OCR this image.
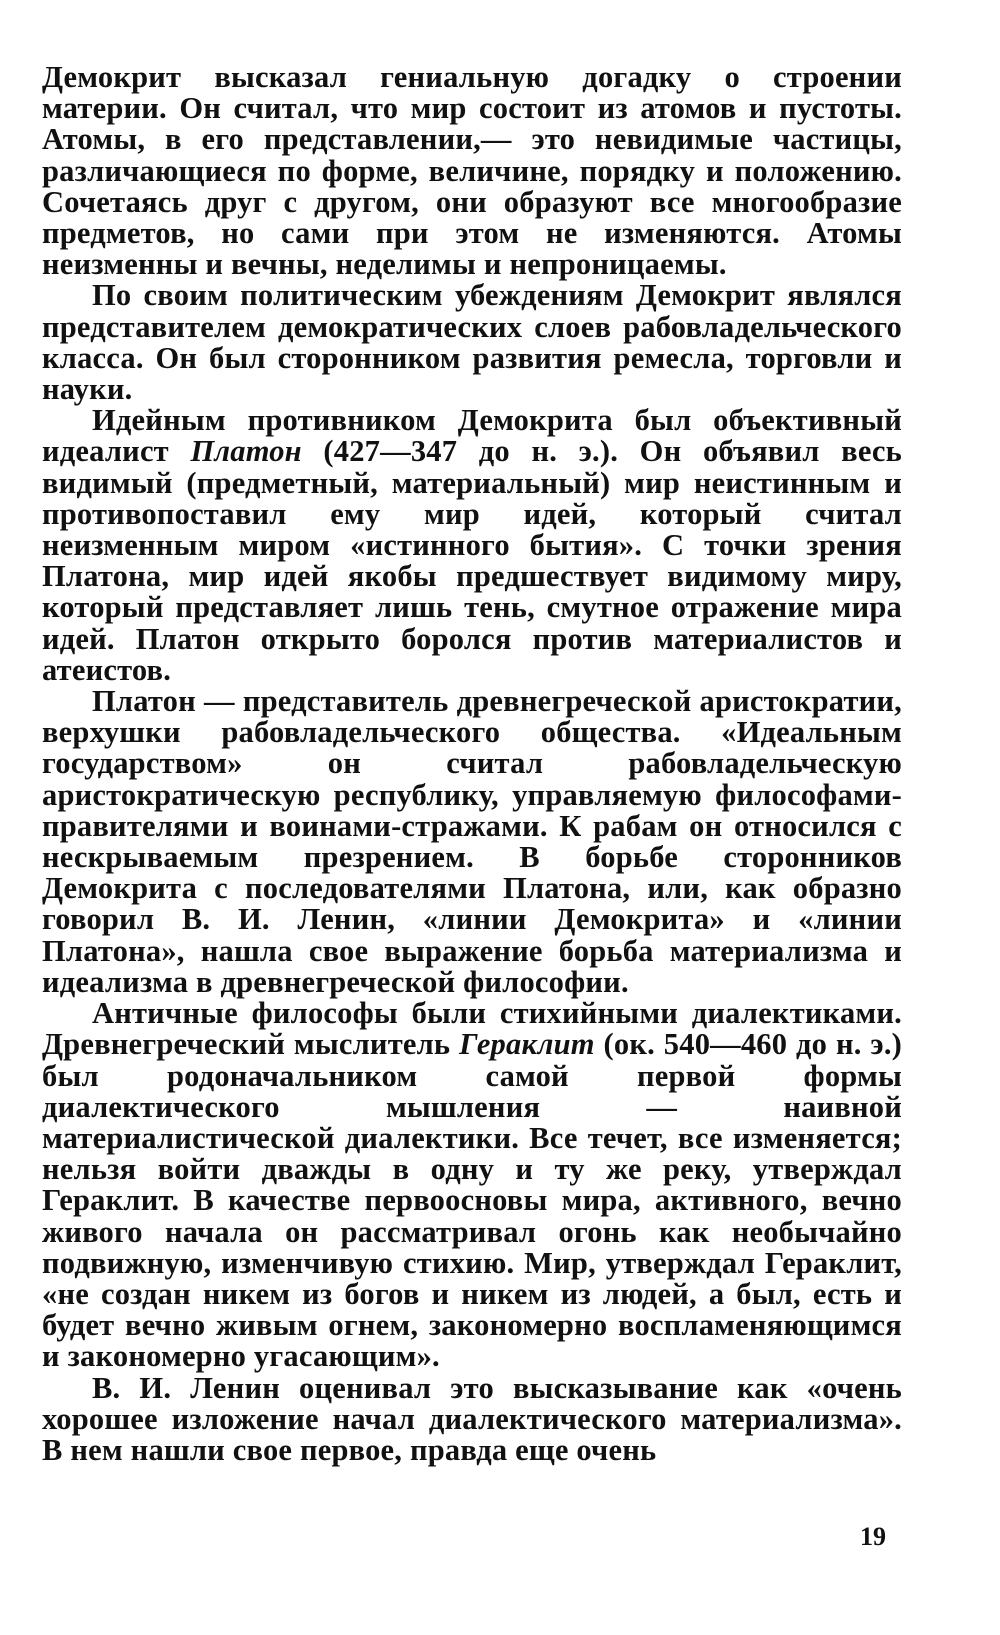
Демокрит высказал гениальную догадку о строении материи. Он считал, что мир состоит из атомов и пустоты. Атомы, в его представлении,— это невидимые частицы, различающиеся по форме, величине, порядку и положению. Сочетаясь друг с другом, они образуют все многообразие предметов, но сами при этом не изменяются. Атомы неизменны и вечны, неделимы и непроницаемы.

По своим политическим убеждениям Демокрит являлся представителем демократических слоев рабовладельческого класса. Он был сторонником развития ремесла, торговли и науки.

Идейным противником Демокрита был объективный идеалист Платон (427—347 до н. э.). Он объявил весь видимый (предметный, материальный) мир неистинным и противопоставил ему мир идей, который считал неизменным миром «истинного бытия». С точки зрения Платона, мир идей якобы предшествует видимому миру, который представляет лишь тень, смутное отражение мира идей. Платон открыто боролся против материалистов и атеистов.

Платон — представитель древнегреческой аристократии, верхушки рабовладельческого общества. «Идеальным государством» он считал рабовладельческую аристократическую республику, управляемую философами-правителями и воинами-стражами. К рабам он относился с нескрываемым презрением. В борьбе сторонников Демокрита с последователями Платона, или, как образно говорил В. И. Ленин, «линии Демокрита» и «линии Платона», нашла свое выражение борьба материализма и идеализма в древнегреческой философии.

Античные философы были стихийными диалектиками. Древнегреческий мыслитель Гераклит (ок. 540—460 до н. э.) был родоначальником самой первой формы диалектического мышления — наивной материалистической диалектики. Все течет, все изменяется; нельзя войти дважды в одну и ту же реку, утверждал Гераклит. В качестве первоосновы мира, активного, вечно живого начала он рассматривал огонь как необычайно подвижную, изменчивую стихию. Мир, утверждал Гераклит, «не создан никем из богов и никем из людей, а был, есть и будет вечно живым огнем, закономерно воспламеняющимся и закономерно угасающим».

В. И. Ленин оценивал это высказывание как «очень хорошее изложение начал диалектического материализма». В нем нашли свое первое, правда еще очень

19
